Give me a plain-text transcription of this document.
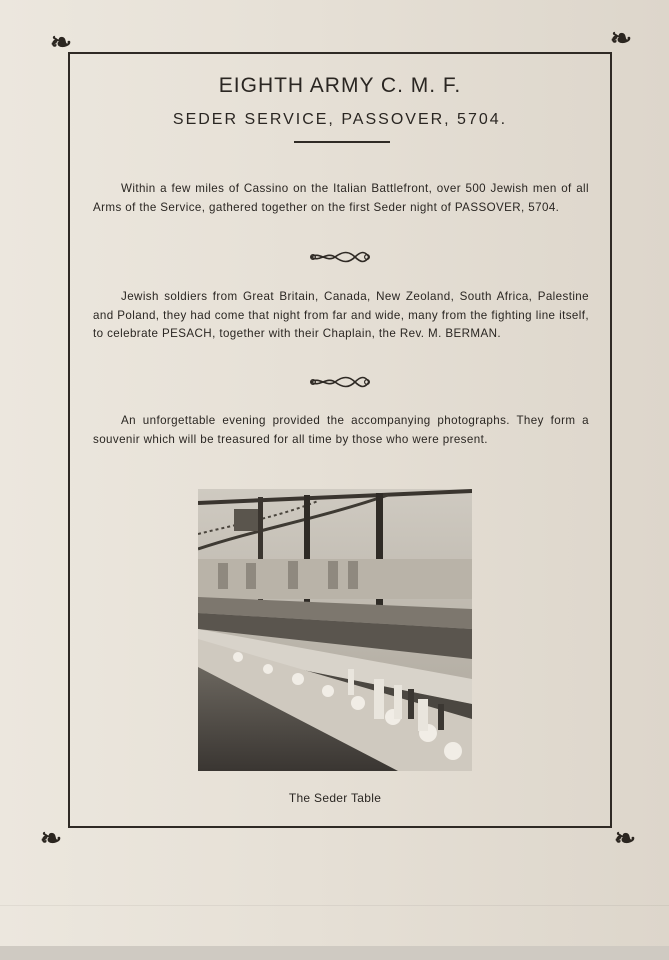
❧	❧
❧	❧
EIGHTH ARMY C. M. F.
SEDER SERVICE, PASSOVER, 5704.
Within a few miles of Cassino on the Italian Battlefront, over 500 Jewish men of all Arms of the Service, gathered together on the first Seder night of PASSOVER, 5704.
Jewish soldiers from Great Britain, Canada, New Zeoland, South Africa, Palestine and Poland, they had come that night from far and wide, many from the fighting line itself, to celebrate PESACH, together with their Chaplain, the Rev. M. BERMAN.
An unforgettable evening provided the accompanying photographs. They form a souvenir which will be treasured for all time by those who were present.
The Seder Table
